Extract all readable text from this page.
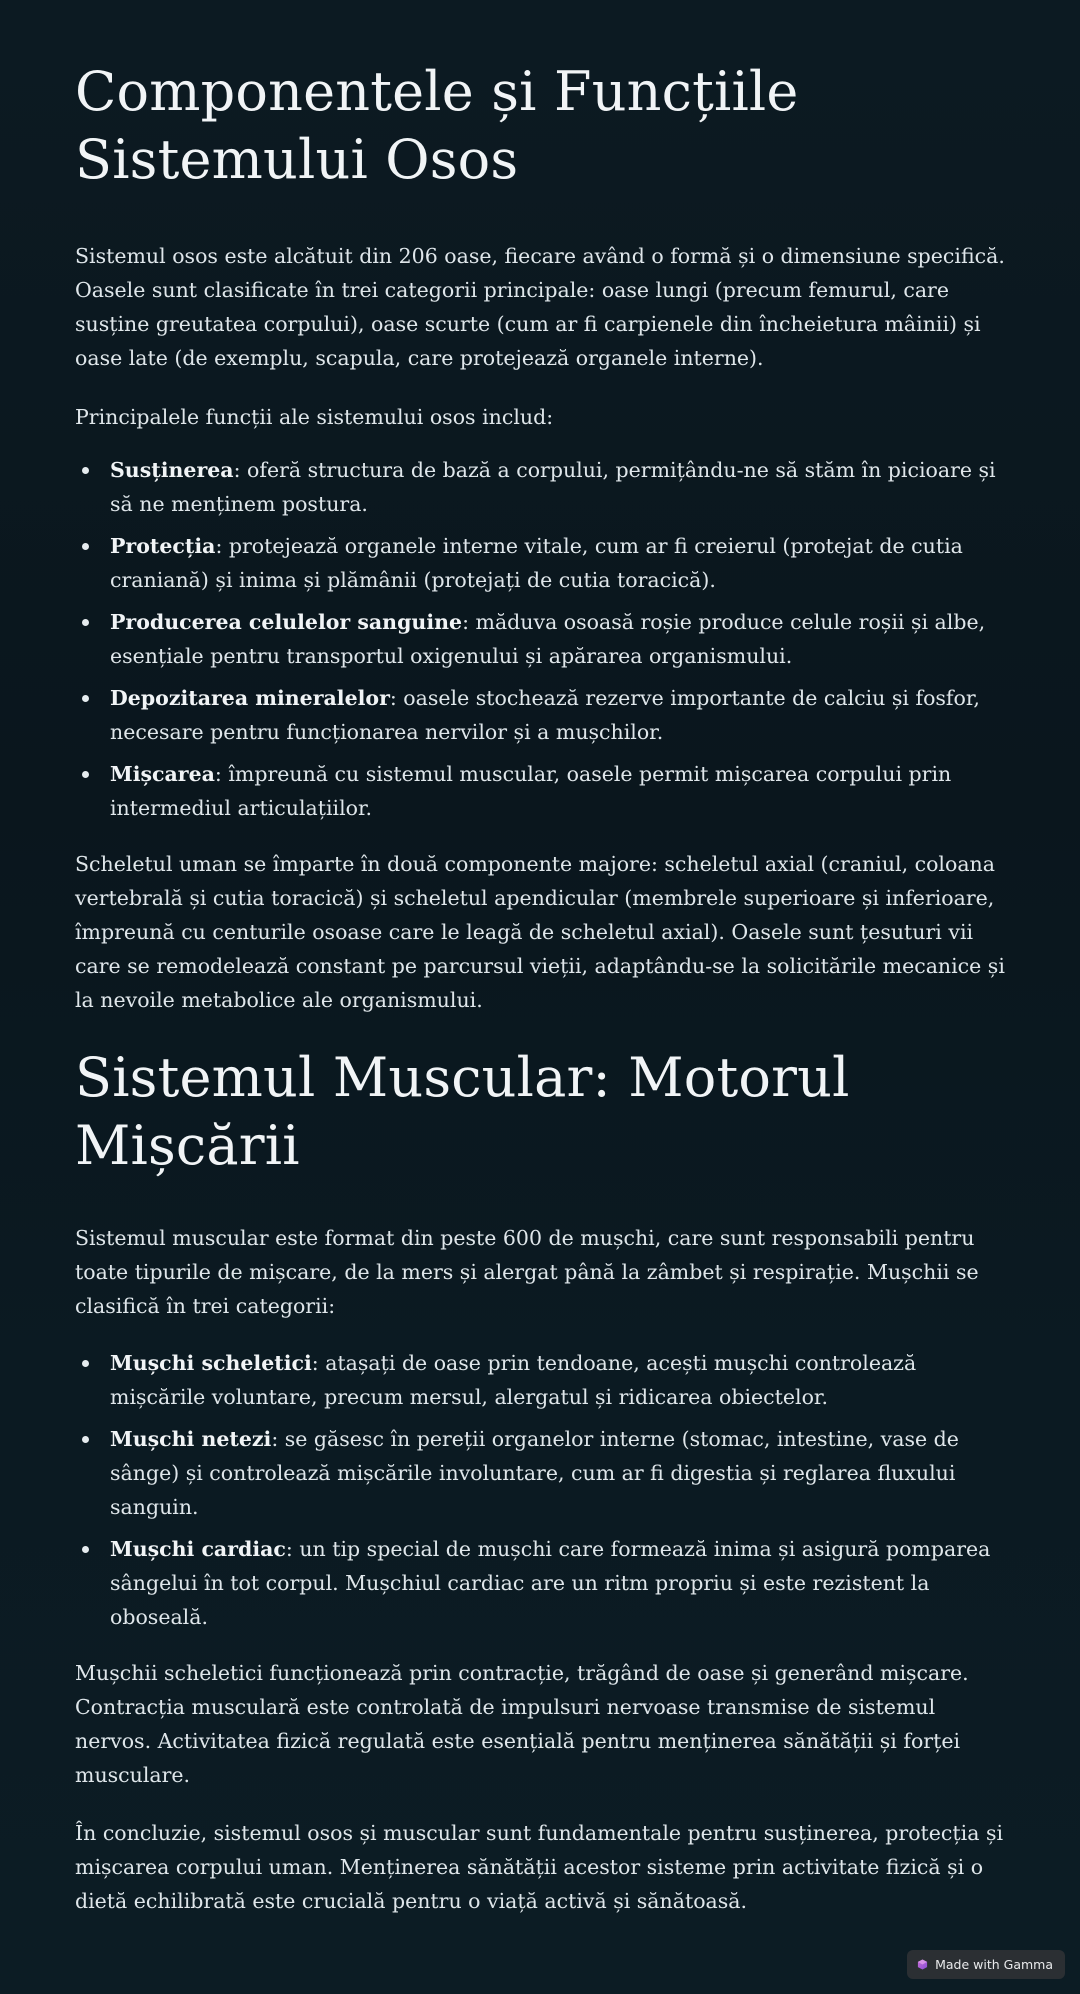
Componentele și Funcțiile Sistemului Osos

Sistemul osos este alcătuit din 206 oase, fiecare având o formă și o dimensiune specifică. Oasele sunt clasificate în trei categorii principale: oase lungi (precum femurul, care susține greutatea corpului), oase scurte (cum ar fi carpienele din încheietura mâinii) și oase late (de exemplu, scapula, care protejează organele interne).

Principalele funcții ale sistemului osos includ:

Susținerea: oferă structura de bază a corpului, permițându-ne să stăm în picioare și să ne menținem postura.
Protecția: protejează organele interne vitale, cum ar fi creierul (protejat de cutia craniană) și inima și plămânii (protejați de cutia toracică).
Producerea celulelor sanguine: măduva osoasă roșie produce celule roșii și albe, esențiale pentru transportul oxigenului și apărarea organismului.
Depozitarea mineralelor: oasele stochează rezerve importante de calciu și fosfor, necesare pentru funcționarea nervilor și a mușchilor.
Mișcarea: împreună cu sistemul muscular, oasele permit mișcarea corpului prin intermediul articulațiilor.

Scheletul uman se împarte în două componente majore: scheletul axial (craniul, coloana vertebrală și cutia toracică) și scheletul apendicular (membrele superioare și inferioare, împreună cu centurile osoase care le leagă de scheletul axial). Oasele sunt țesuturi vii care se remodelează constant pe parcursul vieții, adaptându-se la solicitările mecanice și la nevoile metabolice ale organismului.

Sistemul Muscular: Motorul Mișcării

Sistemul muscular este format din peste 600 de mușchi, care sunt responsabili pentru toate tipurile de mișcare, de la mers și alergat până la zâmbet și respirație. Mușchii se clasifică în trei categorii:

Mușchi scheletici: atașați de oase prin tendoane, acești mușchi controlează mișcările voluntare, precum mersul, alergatul și ridicarea obiectelor.
Mușchi netezi: se găsesc în pereții organelor interne (stomac, intestine, vase de sânge) și controlează mișcările involuntare, cum ar fi digestia și reglarea fluxului sanguin.
Mușchi cardiac: un tip special de mușchi care formează inima și asigură pomparea sângelui în tot corpul. Mușchiul cardiac are un ritm propriu și este rezistent la oboseală.

Mușchii scheletici funcționează prin contracție, trăgând de oase și generând mișcare. Contracția musculară este controlată de impulsuri nervoase transmise de sistemul nervos. Activitatea fizică regulată este esențială pentru menținerea sănătății și forței musculare.

În concluzie, sistemul osos și muscular sunt fundamentale pentru susținerea, protecția și mișcarea corpului uman. Menținerea sănătății acestor sisteme prin activitate fizică și o dietă echilibrată este crucială pentru o viață activă și sănătoasă.

Made with Gamma
